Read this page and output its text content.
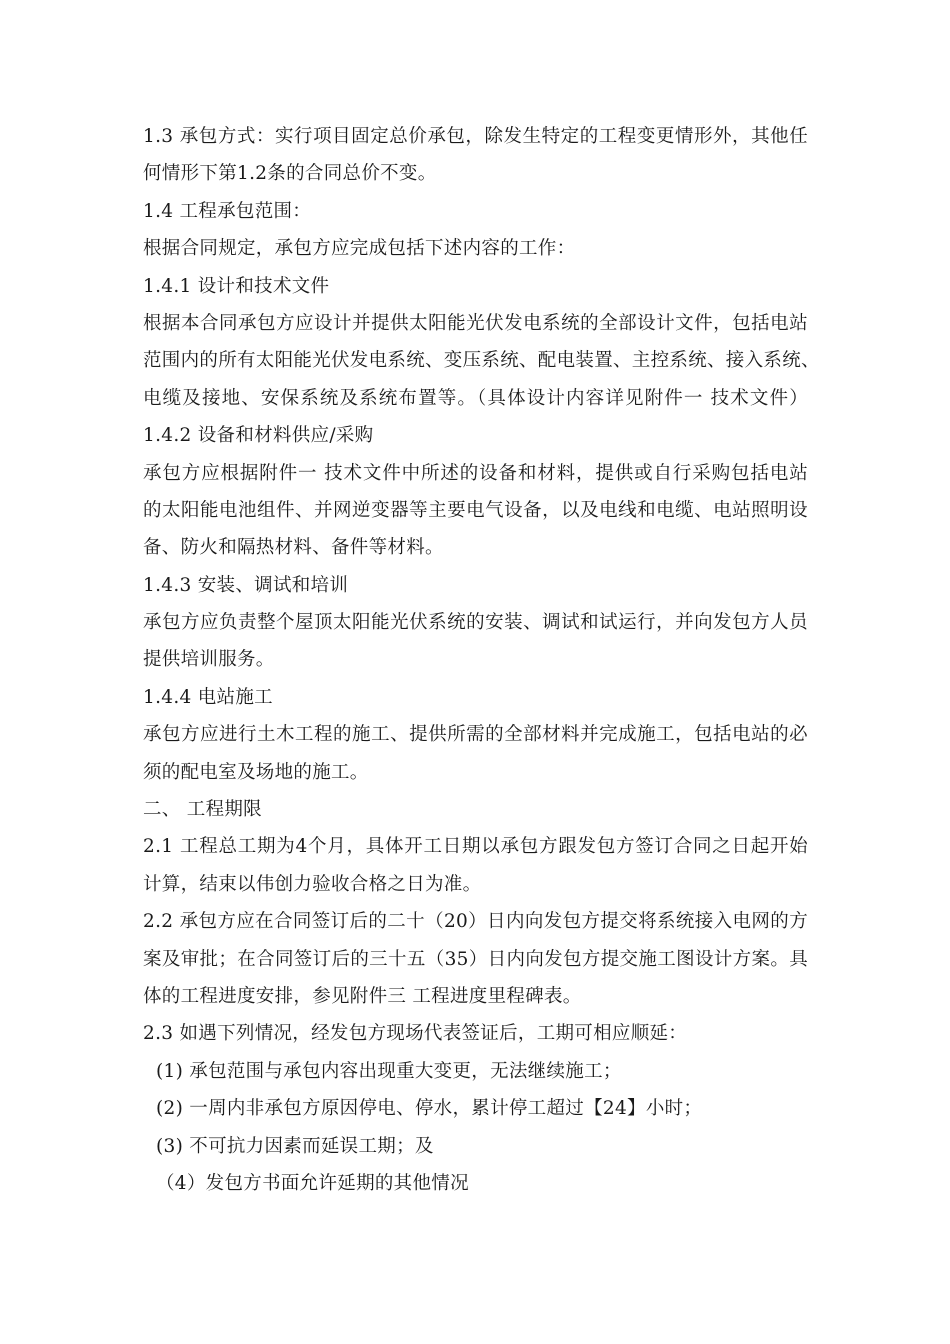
1.3 承包方式：实行项目固定总价承包，除发生特定的工程变更情形外，其他任
何情形下第1.2条的合同总价不变。
1.4 工程承包范围：
根据合同规定，承包方应完成包括下述内容的工作：
1.4.1 设计和技术文件
根据本合同承包方应设计并提供太阳能光伏发电系统的全部设计文件，包括电站
范围内的所有太阳能光伏发电系统、变压系统、配电装置、主控系统、接入系统、
电缆及接地、安保系统及系统布置等。（具体设计内容详见附件一 技术文件）
1.4.2 设备和材料供应/采购
承包方应根据附件一 技术文件中所述的设备和材料，提供或自行采购包括电站
的太阳能电池组件、并网逆变器等主要电气设备，以及电线和电缆、电站照明设
备、防火和隔热材料、备件等材料。
1.4.3 安装、调试和培训
承包方应负责整个屋顶太阳能光伏系统的安装、调试和试运行，并向发包方人员
提供培训服务。
1.4.4 电站施工
承包方应进行土木工程的施工、提供所需的全部材料并完成施工，包括电站的必
须的配电室及场地的施工。
二、 工程期限
2.1 工程总工期为4个月，具体开工日期以承包方跟发包方签订合同之日起开始
计算，结束以伟创力验收合格之日为准。
2.2 承包方应在合同签订后的二十（20）日内向发包方提交将系统接入电网的方
案及审批；在合同签订后的三十五（35）日内向发包方提交施工图设计方案。具
体的工程进度安排，参见附件三 工程进度里程碑表。
2.3 如遇下列情况，经发包方现场代表签证后，工期可相应顺延：
(1) 承包范围与承包内容出现重大变更，无法继续施工；
(2) 一周内非承包方原因停电、停水，累计停工超过【24】小时；
(3) 不可抗力因素而延误工期；及
（4）发包方书面允许延期的其他情况
